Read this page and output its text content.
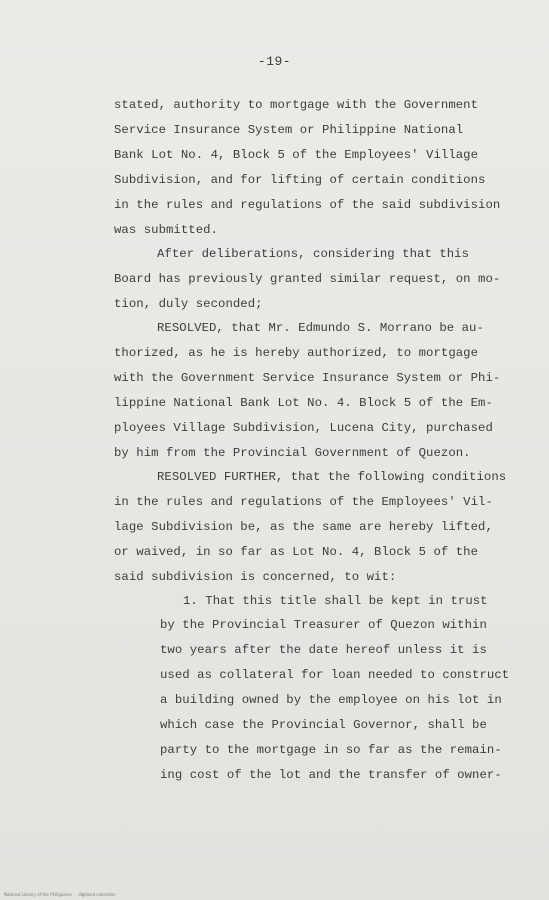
-19-
stated, authority to mortgage with the Government
Service Insurance System or Philippine National
Bank Lot No. 4, Block 5 of the Employees' Village
Subdivision, and for lifting of certain conditions
in the rules and regulations of the said subdivision
was submitted.
After deliberations, considering that this
Board has previously granted similar request, on mo-
tion, duly seconded;
RESOLVED, that Mr. Edmundo S. Morrano be au-
thorized, as he is hereby authorized, to mortgage
with the Government Service Insurance System or Phi-
lippine National Bank Lot No. 4. Block 5 of the Em-
ployees Village Subdivision, Lucena City, purchased
by him from the Provincial Government of Quezon.
RESOLVED FURTHER, that the following conditions
in the rules and regulations of the Employees' Vil-
lage Subdivision be, as the same are hereby lifted,
or waived, in so far as Lot No. 4, Block 5 of the
said subdivision is concerned, to wit:
1. That this title shall be kept in trust
by the Provincial Treasurer of Quezon within
two years after the date hereof unless it is
used as collateral for loan needed to construct
a building owned by the employee on his lot in
which case the Provincial Governor, shall be
party to the mortgage in so far as the remain-
ing cost of the lot and the transfer of owner-
National Library of the Philippines  ·  digitized collection
